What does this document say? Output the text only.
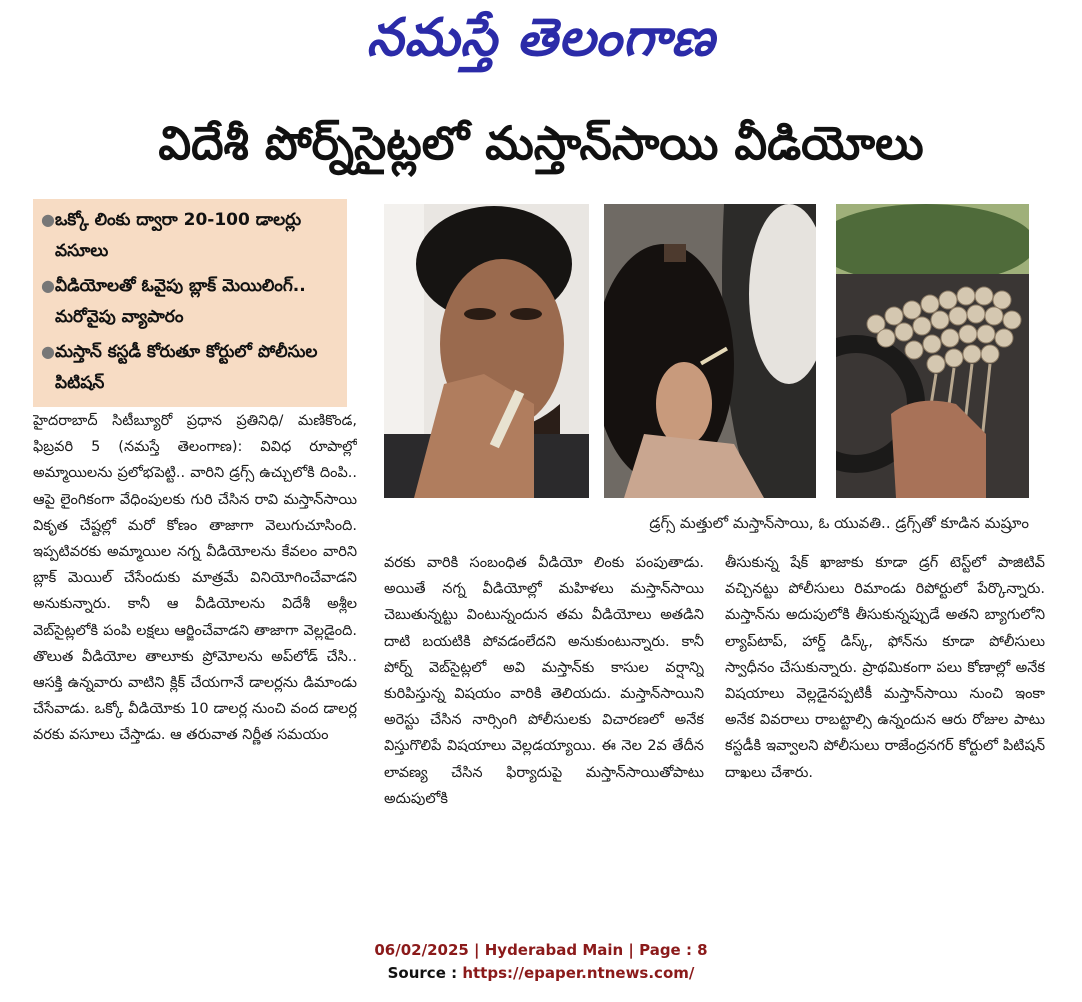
నమస్తే తెలంగాణ
విదేశీ పోర్న్‌సైట్లలో మస్తాన్‌సాయి వీడియోలు
● ఒక్కో లింకు ద్వారా 20-100 డాలర్లు వసూలు
● వీడియోలతో ఓవైపు బ్లాక్ మెయిలింగ్.. మరోవైపు వ్యాపారం
● మస్తాన్ కస్టడీ కోరుతూ కోర్టులో పోలీసుల పిటిషన్
డ్రగ్స్ మత్తులో మస్తాన్‌సాయి, ఓ యువతి.. డ్రగ్స్‌తో కూడిన మష్రూం

హైదరాబాద్ సిటీబ్యూరో ప్రధాన ప్రతినిధి/ మణికొండ, ఫిబ్రవరి 5 (నమస్తే తెలంగాణ): వివిధ రూపాల్లో అమ్మాయిలను ప్రలోభపెట్టి.. వారిని డ్రగ్స్ ఉచ్చులోకి దింపి.. ఆపై లైంగికంగా వేధింపులకు గురి చేసిన రావి మస్తాన్‌సాయి వికృత చేష్టల్లో మరో కోణం తాజాగా వెలుగుచూసింది. ఇప్పటివరకు అమ్మాయిల నగ్న వీడియోలను కేవలం వారిని బ్లాక్ మెయిల్ చేసేందుకు మాత్రమే వినియోగించేవాడని అనుకున్నారు. కానీ ఆ వీడియోలను విదేశీ అశ్లీల వెబ్‌సైట్లలోకి పంపి లక్షలు ఆర్జించేవాడని తాజాగా వెల్లడైంది. తొలుత వీడియోల తాలూకు ప్రోమోలను అప్‌లోడ్ చేసి.. ఆసక్తి ఉన్నవారు వాటిని క్లిక్ చేయగానే డాలర్లను డిమాండు చేసేవాడు. ఒక్కో వీడియోకు 10 డాలర్ల నుంచి వంద డాలర్ల వరకు వసూలు చేస్తాడు. ఆ తరువాత నిర్ణీత సమయం

వరకు వారికి సంబంధిత వీడియో లింకు పంపుతాడు. అయితే నగ్న వీడియోల్లో మహిళలు మస్తాన్‌సాయి చెబుతున్నట్టు వింటున్నందున తమ వీడియోలు అతడిని దాటి బయటికి పోవడంలేదని అనుకుంటున్నారు. కానీ పోర్న్ వెబ్‌సైట్లలో అవి మస్తాన్‌కు కాసుల వర్షాన్ని కురిపిస్తున్న విషయం వారికి తెలియదు. మస్తాన్‌సాయిని అరెస్టు చేసిన నార్సింగి పోలీసులకు విచారణలో అనేక విస్తుగొలిపే విషయాలు వెల్లడయ్యాయి. ఈ నెల 2వ తేదీన లావణ్య చేసిన ఫిర్యాదుపై మస్తాన్‌సాయితోపాటు అదుపులోకి

తీసుకున్న షేక్ ఖాజాకు కూడా డ్రగ్ టెస్ట్‌లో పాజిటివ్ వచ్చినట్టు పోలీసులు రిమాండు రిపోర్టులో పేర్కొన్నారు. మస్తాన్‌ను అదుపులోకి తీసుకున్నప్పుడే అతని బ్యాగులోని ల్యాప్‌టాప్, హార్డ్ డిస్క్, ఫోన్‌ను కూడా పోలీసులు స్వాధీనం చేసుకున్నారు. ప్రాథమికంగా పలు కోణాల్లో అనేక విషయాలు వెల్లడైనప్పటికీ మస్తాన్‌సాయి నుంచి ఇంకా అనేక వివరాలు రాబట్టాల్సి ఉన్నందున ఆరు రోజుల పాటు కస్టడీకి ఇవ్వాలని పోలీసులు రాజేంద్రనగర్ కోర్టులో పిటిషన్ దాఖలు చేశారు.

06/02/2025 | Hyderabad Main | Page : 8
Source : https://epaper.ntnews.com/
